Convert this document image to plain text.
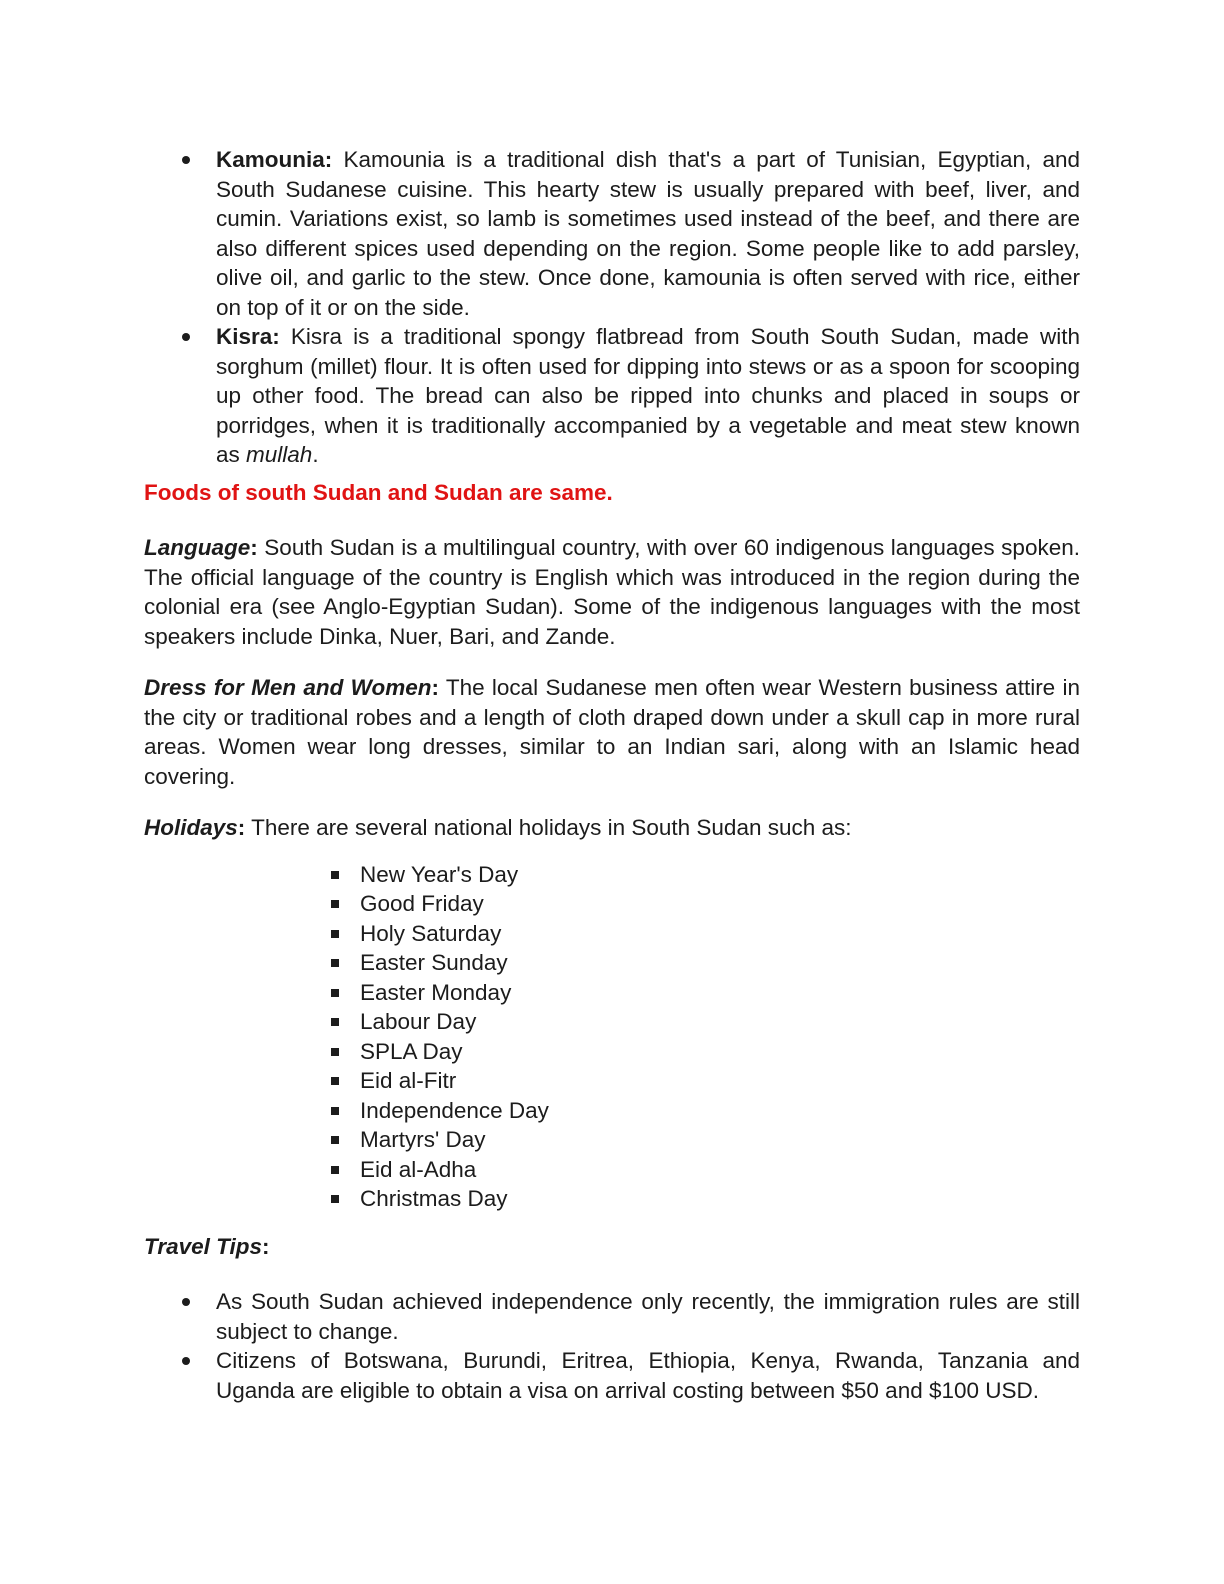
Kamounia: Kamounia is a traditional dish that's a part of Tunisian, Egyptian, and South Sudanese cuisine. This hearty stew is usually prepared with beef, liver, and cumin. Variations exist, so lamb is sometimes used instead of the beef, and there are also different spices used depending on the region. Some people like to add parsley, olive oil, and garlic to the stew. Once done, kamounia is often served with rice, either on top of it or on the side.
Kisra: Kisra is a traditional spongy flatbread from South South Sudan, made with sorghum (millet) flour. It is often used for dipping into stews or as a spoon for scooping up other food. The bread can also be ripped into chunks and placed in soups or porridges, when it is traditionally accompanied by a vegetable and meat stew known as mullah.

Foods of south Sudan and Sudan are same.

Language: South Sudan is a multilingual country, with over 60 indigenous languages spoken. The official language of the country is English which was introduced in the region during the colonial era (see Anglo-Egyptian Sudan). Some of the indigenous languages with the most speakers include Dinka, Nuer, Bari, and Zande.

Dress for Men and Women: The local Sudanese men often wear Western business attire in the city or traditional robes and a length of cloth draped down under a skull cap in more rural areas. Women wear long dresses, similar to an Indian sari, along with an Islamic head covering.

Holidays: There are several national holidays in South Sudan such as:

New Year's Day
Good Friday
Holy Saturday
Easter Sunday
Easter Monday
Labour Day
SPLA Day
Eid al-Fitr
Independence Day
Martyrs' Day
Eid al-Adha
Christmas Day

Travel Tips:

As South Sudan achieved independence only recently, the immigration rules are still subject to change.
Citizens of Botswana, Burundi, Eritrea, Ethiopia, Kenya, Rwanda, Tanzania and Uganda are eligible to obtain a visa on arrival costing between $50 and $100 USD.
